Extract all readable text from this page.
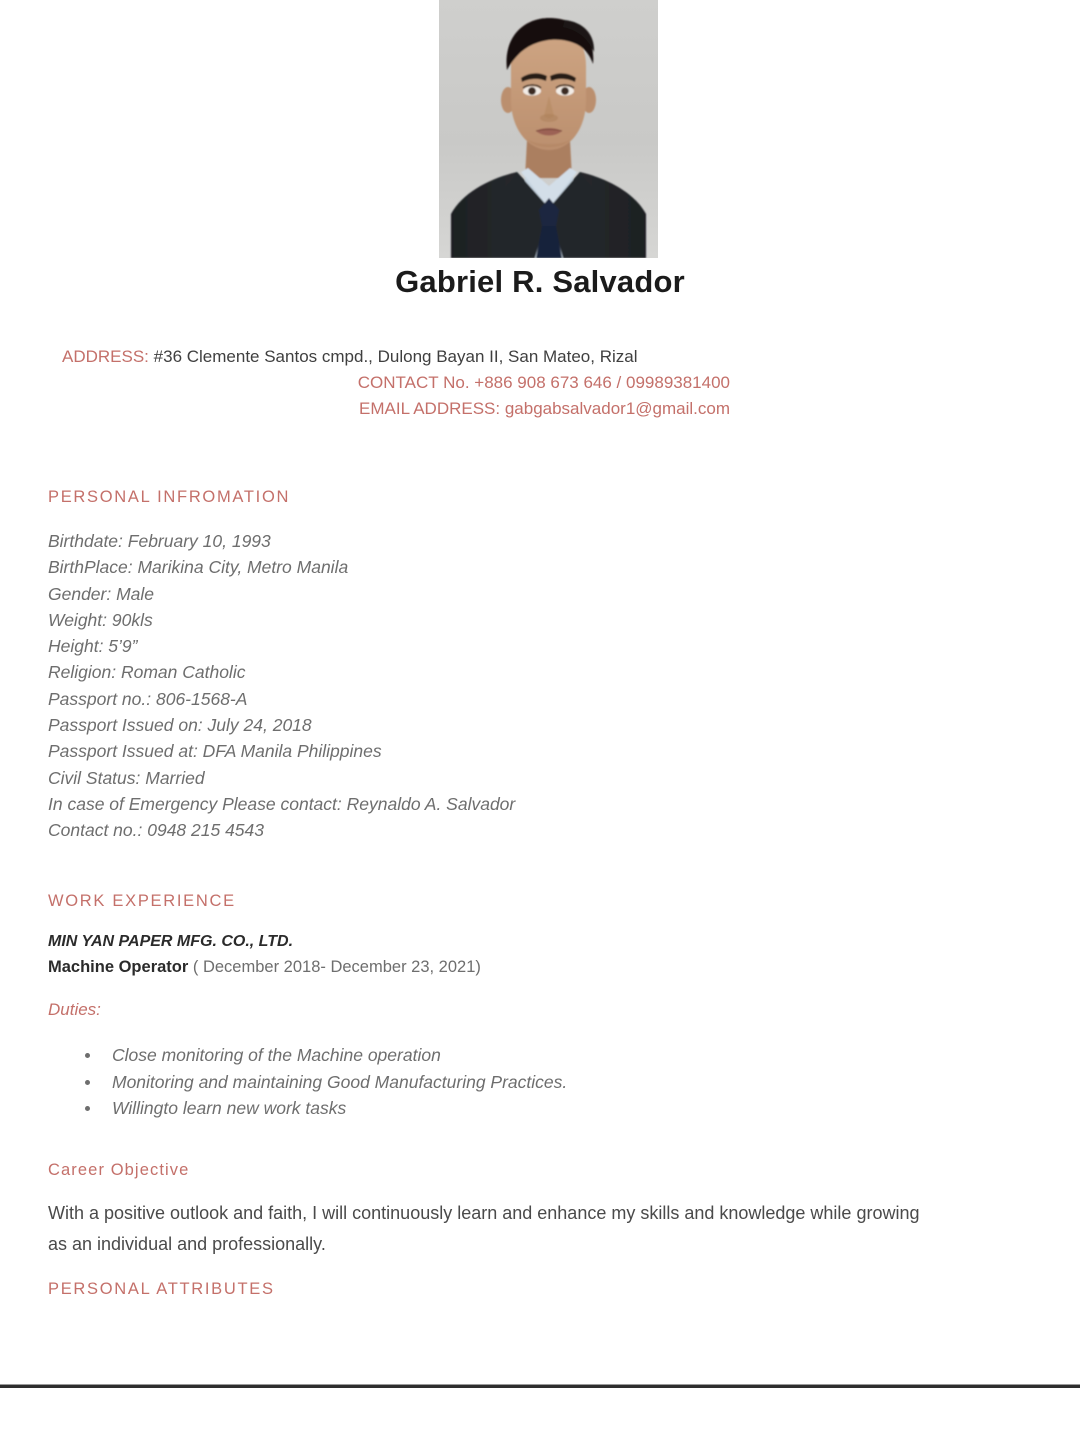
Gabriel R. Salvador
ADDRESS: #36 Clemente Santos cmpd., Dulong Bayan II, San Mateo, Rizal
CONTACT No. +886 908 673 646 / 09989381400
EMAIL ADDRESS: gabgabsalvador1@gmail.com
PERSONAL INFROMATION
Birthdate: February 10, 1993
BirthPlace: Marikina City, Metro Manila
Gender: Male
Weight: 90kls
Height: 5’9”
Religion: Roman Catholic
Passport no.: 806-1568-A
Passport Issued on: July 24, 2018
Passport Issued at: DFA Manila Philippines
Civil Status: Married
In case of Emergency Please contact: Reynaldo A. Salvador
Contact no.: 0948 215 4543
WORK EXPERIENCE
MIN YAN PAPER MFG. CO., LTD.
Machine Operator ( December 2018- December 23, 2021)
Duties:
Close monitoring of the Machine operation
Monitoring and maintaining Good Manufacturing Practices.
Willingto learn new work tasks
Career Objective
With a positive outlook and faith, I will continuously learn and enhance my skills and knowledge while growing as an individual and professionally.
PERSONAL ATTRIBUTES
